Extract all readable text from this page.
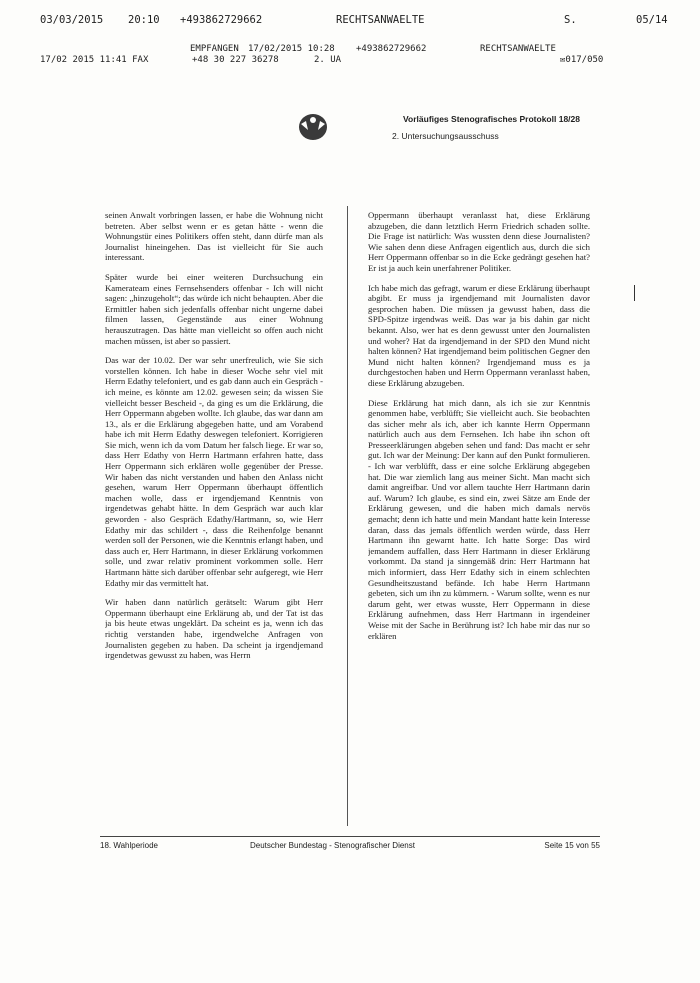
03/03/2015 20:10 +493862729662	RECHTSANWAELTE	S.	05/14
EMPFANGEN 17/02/2015 10:28 +493862729662	RECHTSANWAELTE
17/02 2015 11:41 FAX	+48 30 227 36278	2. UA	✉017/050
Vorläufiges Stenografisches Protokoll 18/28
2. Untersuchungsausschuss

seinen Anwalt vorbringen lassen, er habe die Wohnung nicht betreten. Aber selbst wenn er es getan hätte - wenn die Wohnungstür eines Politikers offen steht, dann dürfe man als Journalist hineingehen. Das ist vielleicht für Sie auch interessant.

Später wurde bei einer weiteren Durchsuchung ein Kamerateam eines Fernsehsenders offenbar - Ich will nicht sagen: „hinzugeholt“; das würde ich nicht behaupten. Aber die Ermittler haben sich jedenfalls offenbar nicht ungerne dabei filmen lassen, Gegenstände aus einer Wohnung herauszutragen. Das hätte man vielleicht so offen auch nicht machen müssen, ist aber so passiert.

Das war der 10.02. Der war sehr unerfreulich, wie Sie sich vorstellen können. Ich habe in dieser Woche sehr viel mit Herrn Edathy telefoniert, und es gab dann auch ein Gespräch - ich meine, es könnte am 12.02. gewesen sein; da wissen Sie vielleicht besser Bescheid -, da ging es um die Erklärung, die Herr Oppermann abgeben wollte. Ich glaube, das war dann am 13., als er die Erklärung abgegeben hatte, und am Vorabend habe ich mit Herrn Edathy deswegen telefoniert. Korrigieren Sie mich, wenn ich da vom Datum her falsch liege. Er war so, dass Herr Edathy von Herrn Hartmann erfahren hatte, dass Herr Oppermann sich erklären wolle gegenüber der Presse. Wir haben das nicht verstanden und haben den Anlass nicht gesehen, warum Herr Oppermann überhaupt öffentlich machen wolle, dass er irgendjemand Kenntnis von irgendetwas gehabt hätte. In dem Gespräch war auch klar geworden - also Gespräch Edathy/Hartmann, so, wie Herr Edathy mir das schildert -, dass die Reihenfolge benannt werden soll der Personen, wie die Kenntnis erlangt haben, und dass auch er, Herr Hartmann, in dieser Erklärung vorkommen solle, und zwar relativ prominent vorkommen solle. Herr Hartmann hätte sich darüber offenbar sehr aufgeregt, wie Herr Edathy mir das vermittelt hat.

Wir haben dann natürlich gerätselt: Warum gibt Herr Oppermann überhaupt eine Erklärung ab, und der Tat ist das ja bis heute etwas ungeklärt. Da scheint es ja, wenn ich das richtig verstanden habe, irgendwelche Anfragen von Journalisten gegeben zu haben. Da scheint ja irgendjemand irgendetwas gewusst zu haben, was Herrn

Oppermann überhaupt veranlasst hat, diese Erklärung abzugeben, die dann letztlich Herrn Friedrich schaden sollte. Die Frage ist natürlich: Was wussten denn diese Journalisten? Wie sahen denn diese Anfragen eigentlich aus, durch die sich Herr Oppermann offenbar so in die Ecke gedrängt gesehen hat? Er ist ja auch kein unerfahrener Politiker.

Ich habe mich das gefragt, warum er diese Erklärung überhaupt abgibt. Er muss ja irgendjemand mit Journalisten davor gesprochen haben. Die müssen ja gewusst haben, dass die SPD-Spitze irgendwas weiß. Das war ja bis dahin gar nicht bekannt. Also, wer hat es denn gewusst unter den Journalisten und woher? Hat da irgendjemand in der SPD den Mund nicht halten können? Hat irgendjemand beim politischen Gegner den Mund nicht halten können? Irgendjemand muss es ja durchgestochen haben und Herrn Oppermann veranlasst haben, diese Erklärung abzugeben.

Diese Erklärung hat mich dann, als ich sie zur Kenntnis genommen habe, verblüfft; Sie vielleicht auch. Sie beobachten das sicher mehr als ich, aber ich kannte Herrn Oppermann natürlich auch aus dem Fernsehen. Ich habe ihn schon oft Presseerklärungen abgeben sehen und fand: Das macht er sehr gut. Ich war der Meinung: Der kann auf den Punkt formulieren. - Ich war verblüfft, dass er eine solche Erklärung abgegeben hat. Die war ziemlich lang aus meiner Sicht. Man macht sich damit angreifbar. Und vor allem tauchte Herr Hartmann darin auf. Warum? Ich glaube, es sind ein, zwei Sätze am Ende der Erklärung gewesen, und die haben mich damals nervös gemacht; denn ich hatte und mein Mandant hatte kein Interesse daran, dass das jemals öffentlich werden würde, dass Herr Hartmann ihn gewarnt hatte. Ich hatte Sorge: Das wird jemandem auffallen, dass Herr Hartmann in dieser Erklärung vorkommt. Da stand ja sinngemäß drin: Herr Hartmann hat mich informiert, dass Herr Edathy sich in einem schlechten Gesundheitszustand befände. Ich habe Herrn Hartmann gebeten, sich um ihn zu kümmern. - Warum sollte, wenn es nur darum geht, wer etwas wusste, Herr Oppermann in diese Erklärung aufnehmen, dass Herr Hartmann in irgendeiner Weise mit der Sache in Berührung ist? Ich habe mir das nur so erklären

18. Wahlperiode	Deutscher Bundestag - Stenografischer Dienst	Seite 15 von 55
